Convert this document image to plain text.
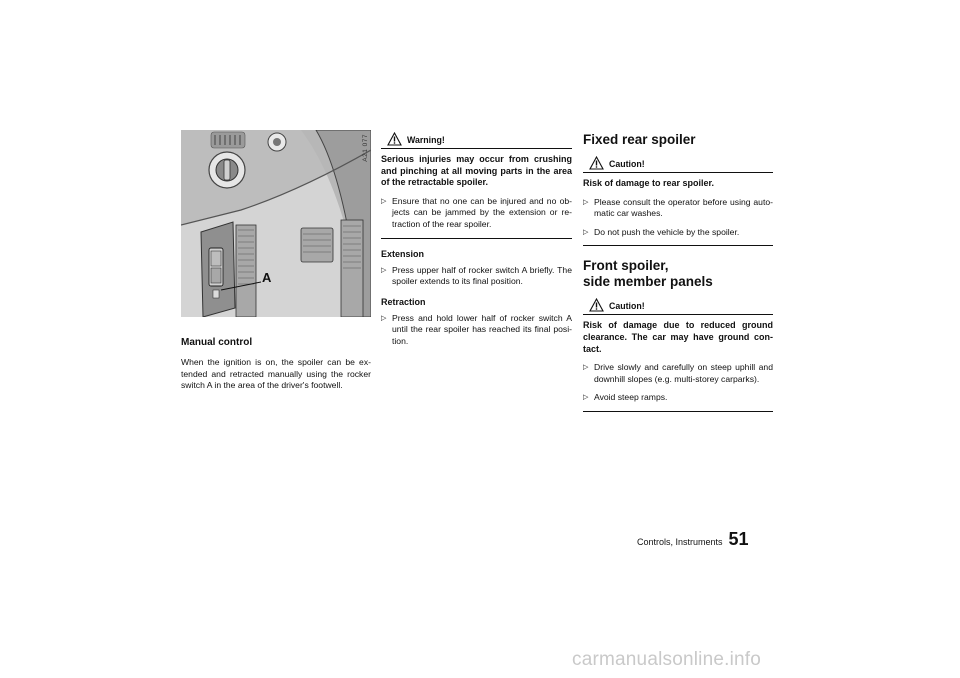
A
A21 077
Manual control

When the ignition is on, the spoiler can be ex-tended and retracted manually using the rocker switch A in the area of the driver's footwell.

Warning!

Serious injuries may occur from crushing and pinching at all moving parts in the area of the retractable spoiler.

▷ Ensure that no one can be injured and no ob-jects can be jammed by the extension or re-traction of the rear spoiler.

Extension

▷ Press upper half of rocker switch A briefly. The spoiler extends to its final position.

Retraction

▷ Press and hold lower half of rocker switch A until the rear spoiler has reached its final posi-tion.
Fixed rear spoiler
Caution!

Risk of damage to rear spoiler.

▷ Please consult the operator before using auto-matic car washes.
▷ Do not push the vehicle by the spoiler.
Front spoiler,
side member panels
Caution!

Risk of damage due to reduced ground clearance. The car may have ground con-tact.

▷ Drive slowly and carefully on steep uphill and downhill slopes (e.g. multi-storey carparks).
▷ Avoid steep ramps.
Controls, Instruments 51
carmanualsonline.info
